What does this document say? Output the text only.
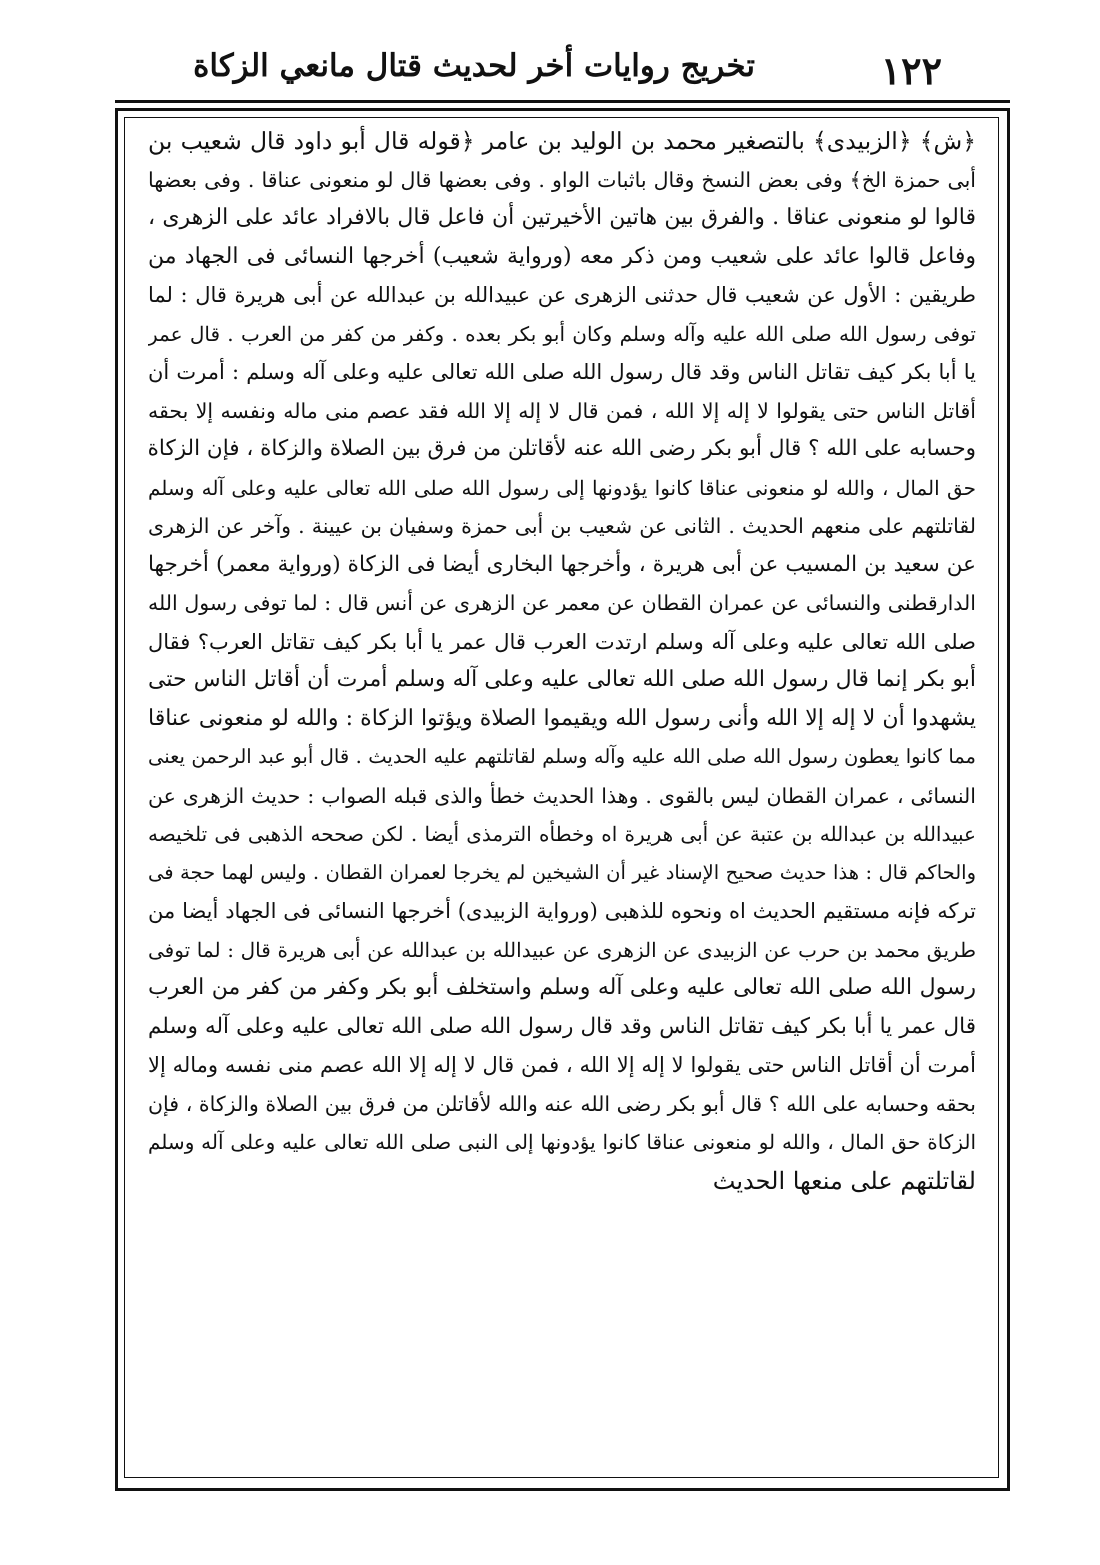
١٢٢
تخريج روايات أخر لحديث قتال مانعي الزكاة
﴿ش﴾ ﴿الزبيدى﴾ بالتصغير محمد بن الوليد بن عامر ﴿قوله قال أبو داود قال شعيب بن
أبى حمزة الخ﴾ وفى بعض النسخ وقال باثبات الواو . وفى بعضها قال لو منعونى عناقا . وفى بعضها
قالوا لو منعونى عناقا . والفرق بين هاتين الأخيرتين أن فاعل قال بالافراد عائد على الزهرى ،
وفاعل قالوا عائد على شعيب ومن ذكر معه (ورواية شعيب) أخرجها النسائى فى الجهاد من
طريقين : الأول عن شعيب قال حدثنى الزهرى عن عبيدالله بن عبدالله عن أبى هريرة قال : لما
توفى رسول الله صلى الله عليه وآله وسلم وكان أبو بكر بعده . وكفر من كفر من العرب . قال عمر
يا أبا بكر كيف تقاتل الناس وقد قال رسول الله صلى الله تعالى عليه وعلى آله وسلم : أمرت أن
أقاتل الناس حتى يقولوا لا إله إلا الله ، فمن قال لا إله إلا الله فقد عصم منى ماله ونفسه إلا بحقه
وحسابه على الله ؟ قال أبو بكر رضى الله عنه لأقاتلن من فرق بين الصلاة والزكاة ، فإن الزكاة
حق المال ، والله لو منعونى عناقا كانوا يؤدونها إلى رسول الله صلى الله تعالى عليه وعلى آله وسلم
لقاتلتهم على منعهم الحديث . الثانى عن شعيب بن أبى حمزة وسفيان بن عيينة . وآخر عن الزهرى
عن سعيد بن المسيب عن أبى هريرة ، وأخرجها البخارى أيضا فى الزكاة (ورواية معمر) أخرجها
الدارقطنى والنسائى عن عمران القطان عن معمر عن الزهرى عن أنس قال : لما توفى رسول الله
صلى الله تعالى عليه وعلى آله وسلم ارتدت العرب قال عمر يا أبا بكر كيف تقاتل العرب؟ فقال
أبو بكر إنما قال رسول الله صلى الله تعالى عليه وعلى آله وسلم أمرت أن أقاتل الناس حتى
يشهدوا أن لا إله إلا الله وأنى رسول الله ويقيموا الصلاة ويؤتوا الزكاة : والله لو منعونى عناقا
مما كانوا يعطون رسول الله صلى الله عليه وآله وسلم لقاتلتهم عليه الحديث . قال أبو عبد الرحمن يعنى
النسائى ، عمران القطان ليس بالقوى . وهذا الحديث خطأ والذى قبله الصواب : حديث الزهرى عن
عبيدالله بن عبدالله بن عتبة عن أبى هريرة اه وخطأه الترمذى أيضا . لكن صححه الذهبى فى تلخيصه
والحاكم قال : هذا حديث صحيح الإسناد غير أن الشيخين لم يخرجا لعمران القطان . وليس لهما حجة فى
تركه فإنه مستقيم الحديث اه ونحوه للذهبى (ورواية الزبيدى) أخرجها النسائى فى الجهاد أيضا من
طريق محمد بن حرب عن الزبيدى عن الزهرى عن عبيدالله بن عبدالله عن أبى هريرة قال : لما توفى
رسول الله صلى الله تعالى عليه وعلى آله وسلم واستخلف أبو بكر وكفر من كفر من العرب
قال عمر يا أبا بكر كيف تقاتل الناس وقد قال رسول الله صلى الله تعالى عليه وعلى آله وسلم
أمرت أن أقاتل الناس حتى يقولوا لا إله إلا الله ، فمن قال لا إله إلا الله عصم منى نفسه وماله إلا
بحقه وحسابه على الله ؟ قال أبو بكر رضى الله عنه والله لأقاتلن من فرق بين الصلاة والزكاة ، فإن
الزكاة حق المال ، والله لو منعونى عناقا كانوا يؤدونها إلى النبى صلى الله تعالى عليه وعلى آله وسلم
لقاتلتهم على منعها الحديث
